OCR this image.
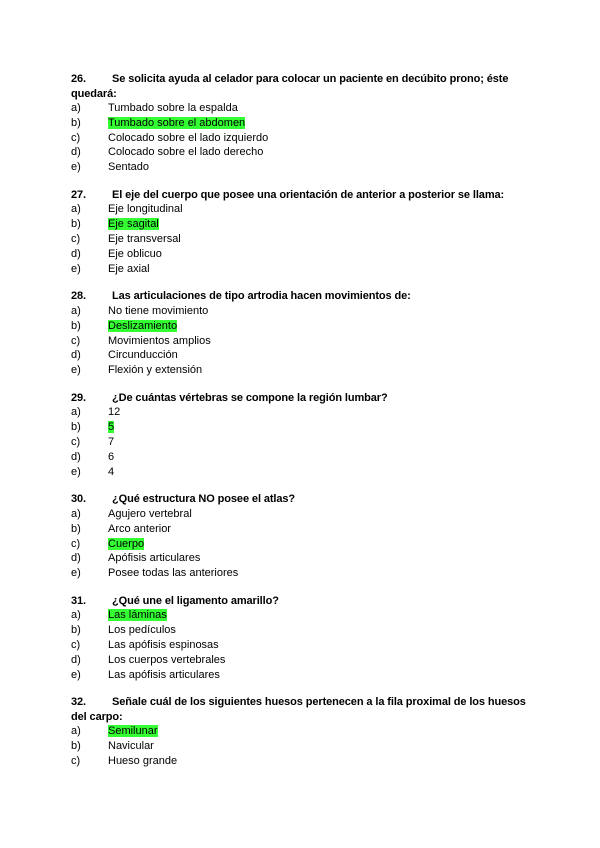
26. Se solicita ayuda al celador para colocar un paciente en decúbito prono; éste quedará:
a) Tumbado sobre la espalda
b) Tumbado sobre el abdomen
c)	Colocado sobre el lado izquierdo
d) Colocado sobre el lado derecho
e) Sentado
27. El eje del cuerpo que posee una orientación de anterior a posterior se llama:
a) Eje longitudinal
b) Eje sagital
c)	Eje transversal
d) Eje oblicuo
e) Eje axial
28. Las articulaciones de tipo artrodia hacen movimientos de:
a) No tiene movimiento
b) Deslizamiento
c)	Movimientos amplios
d) Circunducción
e) Flexión y extensión
29. ¿De cuántas vértebras se compone la región lumbar?
a) 12
b) 5
c)	7
d) 6
e) 4
30. ¿Qué estructura NO posee el atlas?
a) Agujero vertebral
b) Arco anterior
c)	Cuerpo
d) Apófisis articulares
e) Posee todas las anteriores
31. ¿Qué une el ligamento amarillo?
a) Las láminas
b) Los pedículos
c)	Las apófisis espinosas
d) Los cuerpos vertebrales
e) Las apófisis articulares
32. Señale cuál de los siguientes huesos pertenecen a la fila proximal de los huesos del carpo:
a) Semilunar
b) Navicular
c)	Hueso grande
